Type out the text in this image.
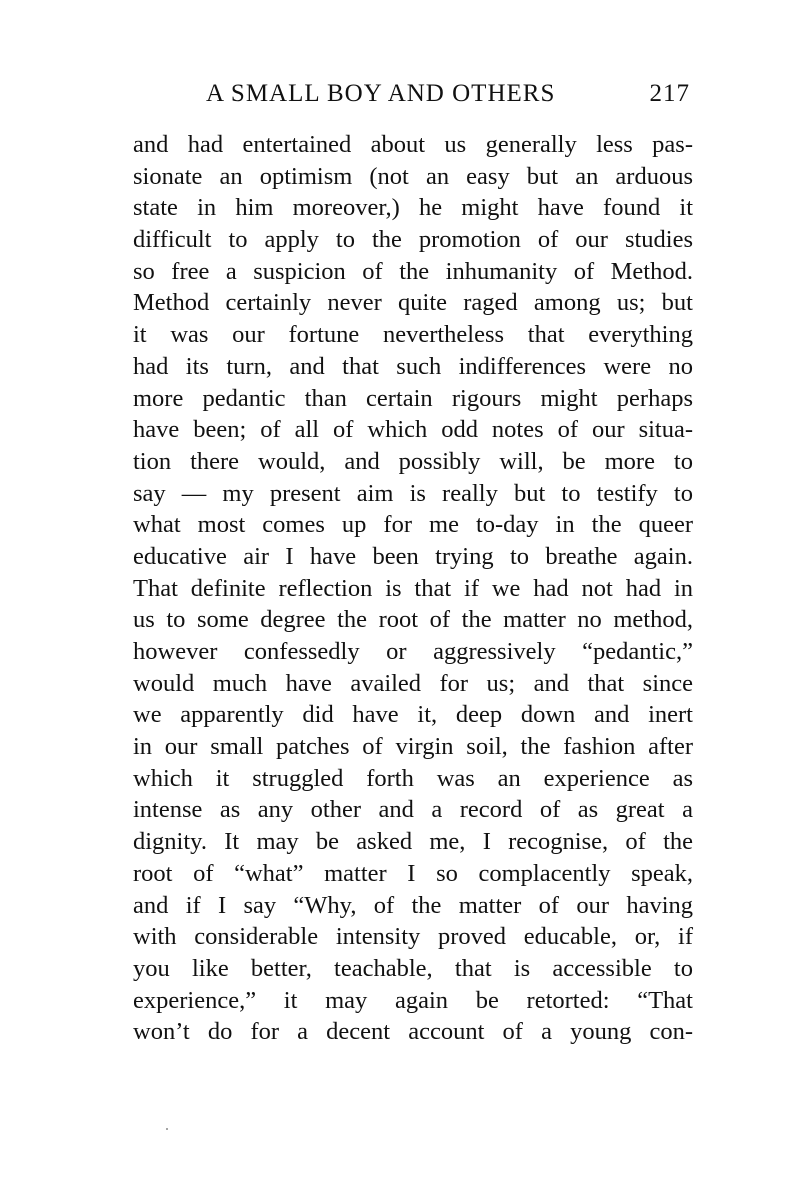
A SMALL BOY AND OTHERS	217
and had entertained about us generally less pas-
sionate an optimism (not an easy but an arduous
state in him moreover,) he might have found it
difficult to apply to the promotion of our studies
so free a suspicion of the inhumanity of Method.
Method certainly never quite raged among us; but
it was our fortune nevertheless that everything
had its turn, and that such indifferences were no
more pedantic than certain rigours might perhaps
have been; of all of which odd notes of our situa-
tion there would, and possibly will, be more to
say — my present aim is really but to testify to
what most comes up for me to-day in the queer
educative air I have been trying to breathe again.
That definite reflection is that if we had not had in
us to some degree the root of the matter no method,
however confessedly or aggressively “pedantic,”
would much have availed for us; and that since
we apparently did have it, deep down and inert
in our small patches of virgin soil, the fashion after
which it struggled forth was an experience as
intense as any other and a record of as great a
dignity. It may be asked me, I recognise, of the
root of “what” matter I so complacently speak,
and if I say “Why, of the matter of our having
with considerable intensity proved educable, or, if
you like better, teachable, that is accessible to
experience,” it may again be retorted: “That
won’t do for a decent account of a young con-
